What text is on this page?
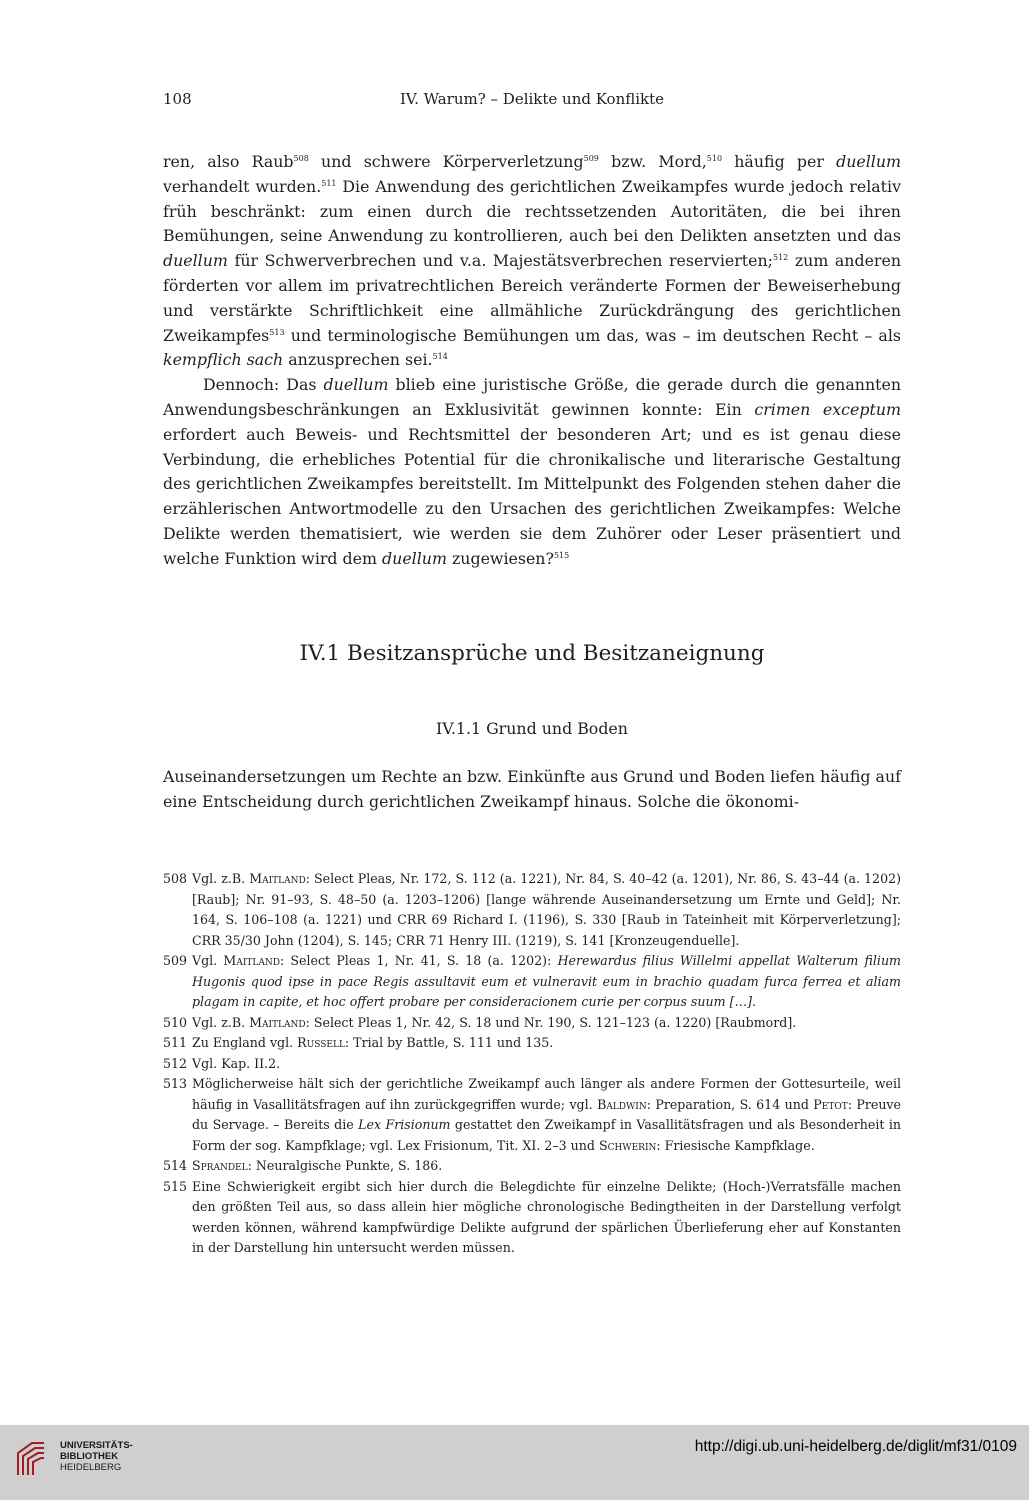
108	IV. Warum? – Delikte und Konflikte

ren, also Raub$^{508}$ und schwere Körperverletzung$^{509}$ bzw. Mord,$^{510}$ häufig per duellum verhandelt wurden.$^{511}$ Die Anwendung des gerichtlichen Zweikampfes wurde jedoch relativ früh beschränkt: zum einen durch die rechtssetzenden Autoritäten, die bei ihren Bemühungen, seine Anwendung zu kontrollieren, auch bei den Delikten ansetzten und das duellum für Schwerverbrechen und v.a. Majestätsverbrechen reservierten;$^{512}$ zum anderen förderten vor allem im privatrechtlichen Bereich veränderte Formen der Beweiserhebung und verstärkte Schriftlichkeit eine allmähliche Zurückdrängung des gerichtlichen Zweikampfes$^{513}$ und terminologische Bemühungen um das, was – im deutschen Recht – als kempflich sach anzusprechen sei.$^{514}$

Dennoch: Das duellum blieb eine juristische Größe, die gerade durch die genannten Anwendungsbeschränkungen an Exklusivität gewinnen konnte: Ein crimen exceptum erfordert auch Beweis- und Rechtsmittel der besonderen Art; und es ist genau diese Verbindung, die erhebliches Potential für die chronikalische und literarische Gestaltung des gerichtlichen Zweikampfes bereitstellt. Im Mittelpunkt des Folgenden stehen daher die erzählerischen Antwortmodelle zu den Ursachen des gerichtlichen Zweikampfes: Welche Delikte werden thematisiert, wie werden sie dem Zuhörer oder Leser präsentiert und welche Funktion wird dem duellum zugewiesen?$^{515}$

IV.1 Besitzansprüche und Besitzaneignung
IV.1.1 Grund und Boden

Auseinandersetzungen um Rechte an bzw. Einkünfte aus Grund und Boden liefen häufig auf eine Entscheidung durch gerichtlichen Zweikampf hinaus. Solche die ökonomi-

508 Vgl. z.B. Maitland: Select Pleas, Nr. 172, S. 112 (a. 1221), Nr. 84, S. 40–42 (a. 1201), Nr. 86, S. 43–44 (a. 1202) [Raub]; Nr. 91–93, S. 48–50 (a. 1203–1206) [lange währende Auseinandersetzung um Ernte und Geld]; Nr. 164, S. 106–108 (a. 1221) und CRR 69 Richard I. (1196), S. 330 [Raub in Tateinheit mit Körperverletzung]; CRR 35/30 John (1204), S. 145; CRR 71 Henry III. (1219), S. 141 [Kronzeugenduelle].
509 Vgl. Maitland: Select Pleas 1, Nr. 41, S. 18 (a. 1202): Herewardus filius Willelmi appellat Walterum filium Hugonis quod ipse in pace Regis assultavit eum et vulneravit eum in brachio quadam furca ferrea et aliam plagam in capite, et hoc offert probare per consideracionem curie per corpus suum […].
510 Vgl. z.B. Maitland: Select Pleas 1, Nr. 42, S. 18 und Nr. 190, S. 121–123 (a. 1220) [Raubmord].
511 Zu England vgl. Russell: Trial by Battle, S. 111 und 135.
512 Vgl. Kap. II.2.
513 Möglicherweise hält sich der gerichtliche Zweikampf auch länger als andere Formen der Gottesurteile, weil häufig in Vasallitätsfragen auf ihn zurückgegriffen wurde; vgl. Baldwin: Preparation, S. 614 und Petot: Preuve du Servage. – Bereits die Lex Frisionum gestattet den Zweikampf in Vasallitätsfragen und als Besonderheit in Form der sog. Kampfklage; vgl. Lex Frisionum, Tit. XI. 2–3 und Schwerin: Friesische Kampfklage.
514 Sprandel: Neuralgische Punkte, S. 186.
515 Eine Schwierigkeit ergibt sich hier durch die Belegdichte für einzelne Delikte; (Hoch-)Verratsfälle machen den größten Teil aus, so dass allein hier mögliche chronologische Bedingtheiten in der Darstellung verfolgt werden können, während kampfwürdige Delikte aufgrund der spärlichen Überlieferung eher auf Konstanten in der Darstellung hin untersucht werden müssen.
UNIVERSITÄTS-
BIBLIOTHEK
HEIDELBERG
http://digi.ub.uni-heidelberg.de/diglit/mf31/0109
